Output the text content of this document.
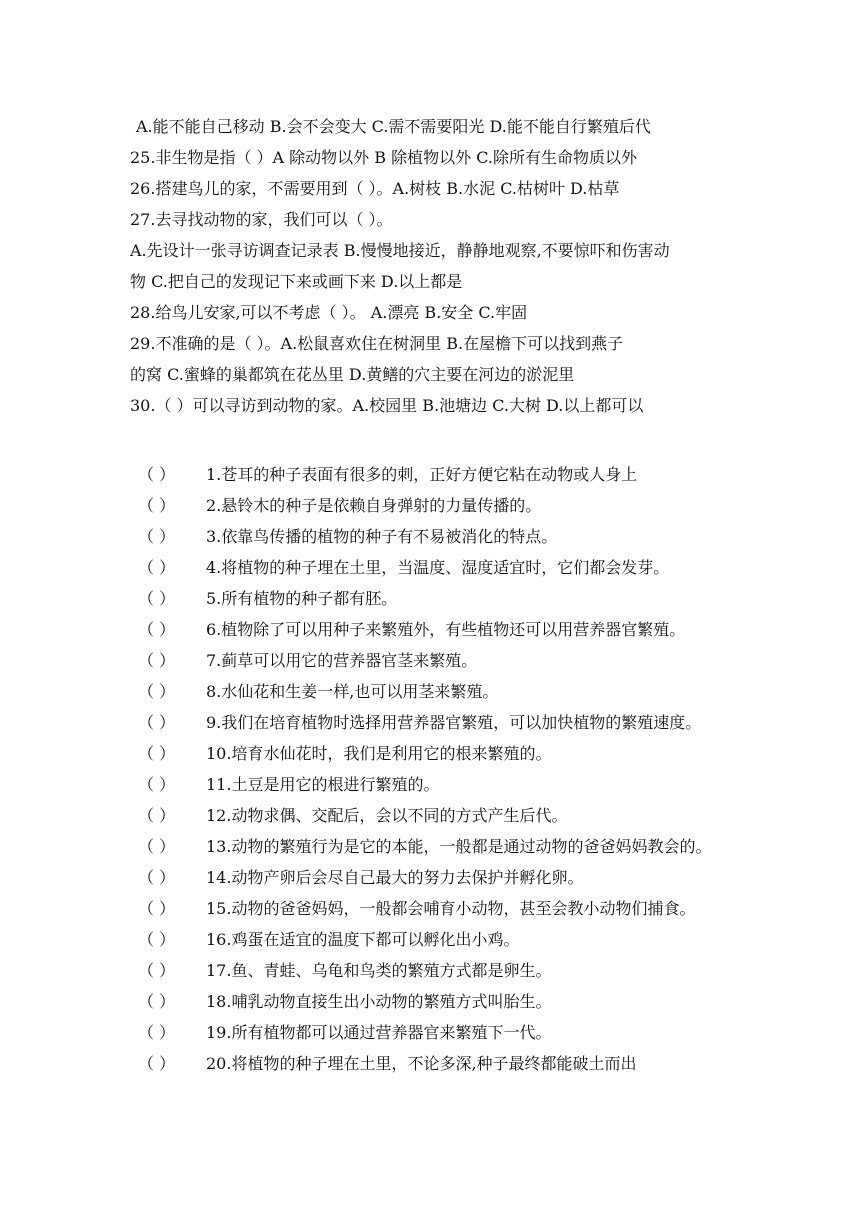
A.能不能自己移动 B.会不会变大 C.需不需要阳光 D.能不能自行繁殖后代
25.非生物是指（ ）A 除动物以外 B 除植物以外 C.除所有生命物质以外
26.搭建鸟儿的家，不需要用到（ ）。A.树枝 B.水泥 C.枯树叶 D.枯草
27.去寻找动物的家，我们可以（ ）。
A.先设计一张寻访调查记录表 B.慢慢地接近，静静地观察,不要惊吓和伤害动
物 C.把自己的发现记下来或画下来 D.以上都是
28.给鸟儿安家,可以不考虑（ ）。 A.漂亮 B.安全 C.牢固
29.不准确的是（ ）。A.松鼠喜欢住在树洞里 B.在屋檐下可以找到燕子
的窝 C.蜜蜂的巢都筑在花丛里 D.黄鳝的穴主要在河边的淤泥里
30.（ ）可以寻访到动物的家。A.校园里 B.池塘边 C.大树 D.以上都可以
（ ） 1.苍耳的种子表面有很多的刺，正好方便它粘在动物或人身上
（ ） 2.悬铃木的种子是依赖自身弹射的力量传播的。
（ ） 3.依靠鸟传播的植物的种子有不易被消化的特点。
（ ） 4.将植物的种子埋在土里，当温度、湿度适宜时，它们都会发芽。
（ ） 5.所有植物的种子都有胚。
（ ） 6.植物除了可以用种子来繁殖外，有些植物还可以用营养器官繁殖。
（ ） 7.蓟草可以用它的营养器官茎来繁殖。
（ ） 8.水仙花和生姜一样,也可以用茎来繁殖。
（ ） 9.我们在培育植物时选择用营养器官繁殖，可以加快植物的繁殖速度。
（ ） 10.培育水仙花时，我们是利用它的根来繁殖的。
（ ） 11.土豆是用它的根进行繁殖的。
（ ） 12.动物求偶、交配后，会以不同的方式产生后代。
（ ） 13.动物的繁殖行为是它的本能，一般都是通过动物的爸爸妈妈教会的。
（ ） 14.动物产卵后会尽自己最大的努力去保护并孵化卵。
（ ） 15.动物的爸爸妈妈，一般都会哺育小动物，甚至会教小动物们捕食。
（ ） 16.鸡蛋在适宜的温度下都可以孵化出小鸡。
（ ） 17.鱼、青蛙、乌龟和鸟类的繁殖方式都是卵生。
（ ） 18.哺乳动物直接生出小动物的繁殖方式叫胎生。
（ ） 19.所有植物都可以通过营养器官来繁殖下一代。
（ ） 20.将植物的种子埋在土里，不论多深,种子最终都能破土而出
